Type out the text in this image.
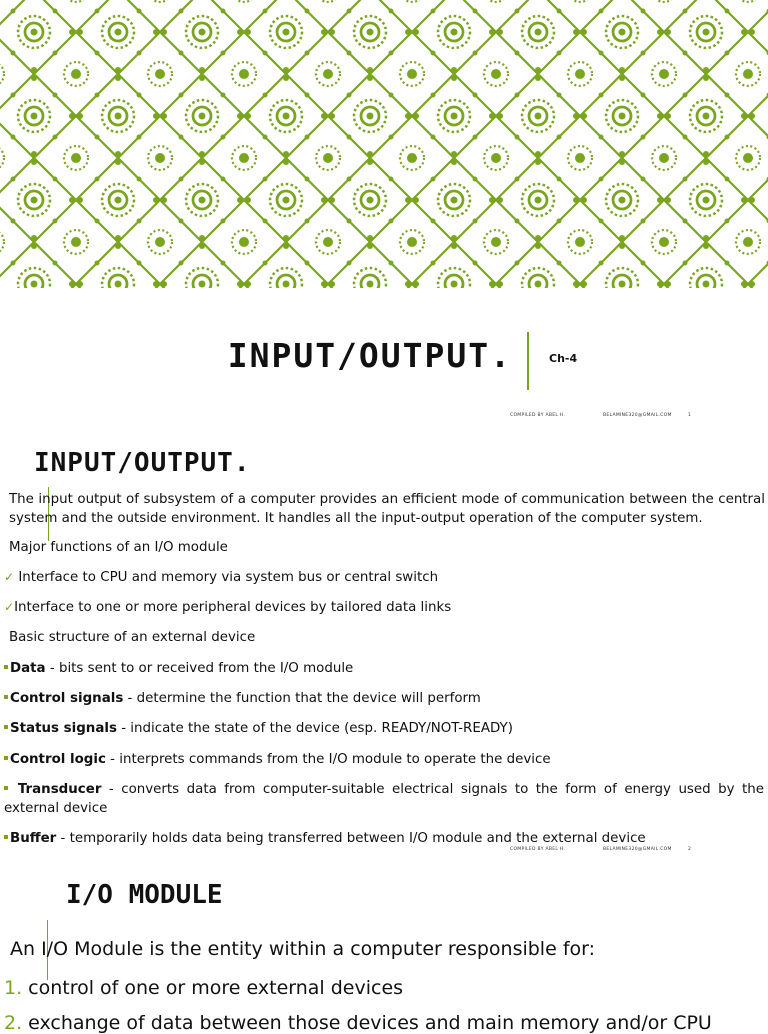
INPUT/OUTPUT.	Ch-4
COMPILED BY ABEL H.	BELAMINE320@GMAIL.COM	1
INPUT/OUTPUT.
The input output of subsystem of a computer provides an efficient mode of communication between the central system and the outside environment. It handles all the input-output operation of the computer system.
Major functions of an I/O module
✓ Interface to CPU and memory via system bus or central switch
✓Interface to one or more peripheral devices by tailored data links
Basic structure of an external device
Data - bits sent to or received from the I/O module
Control signals - determine the function that the device will perform
Status signals - indicate the state of the device (esp. READY/NOT-READY)
Control logic - interprets commands from the I/O module to operate the device
Transducer - converts data from computer-suitable electrical signals to the form of energy used by the external device
Buffer - temporarily holds data being transferred between I/O module and the external device
COMPILED BY ABEL H.	BELAMINE320@GMAIL.COM	2
I/O MODULE
An I/O Module is the entity within a computer responsible for:
1. control of one or more external devices
2. exchange of data between those devices and main memory and/or CPU
